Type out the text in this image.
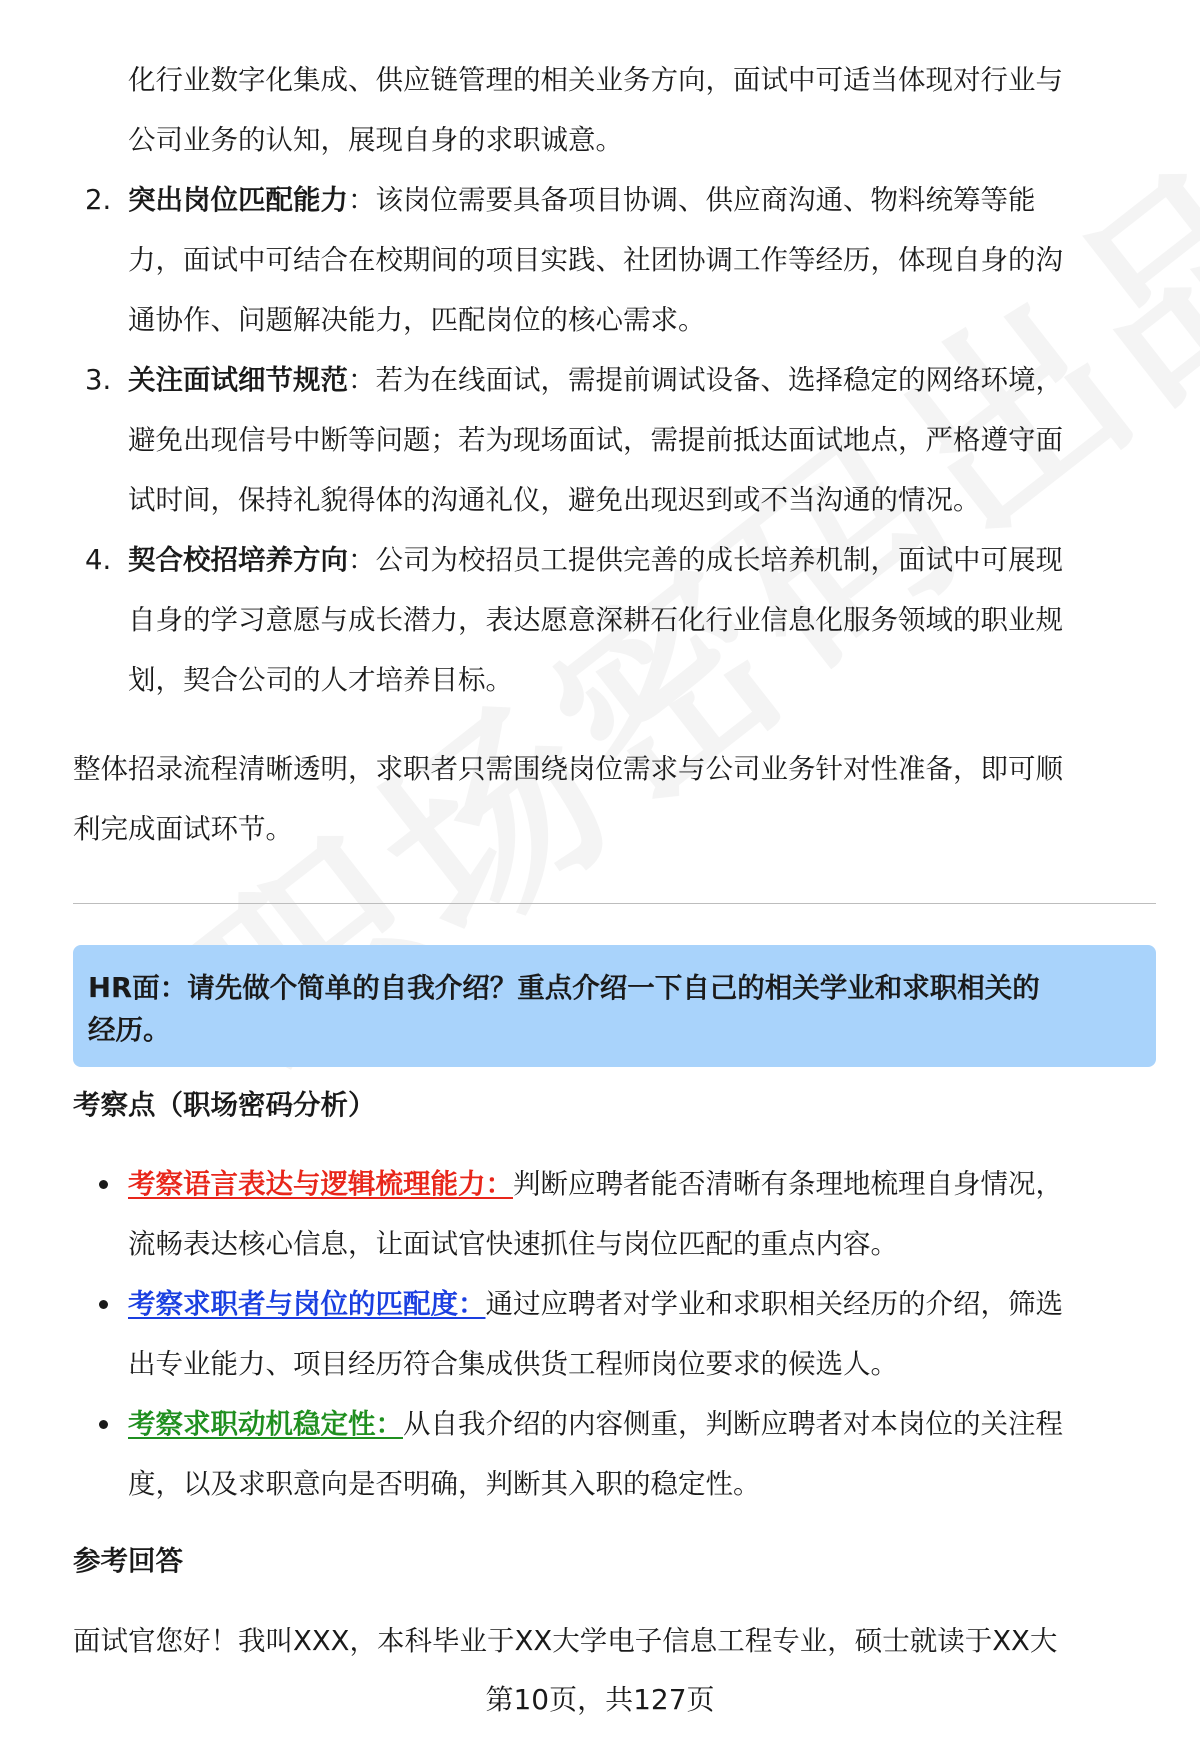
化行业数字化集成、供应链管理的相关业务方向，面试中可适当体现对行业与
公司业务的认知，展现自身的求职诚意。
2. 突出岗位匹配能力：该岗位需要具备项目协调、供应商沟通、物料统筹等能
力，面试中可结合在校期间的项目实践、社团协调工作等经历，体现自身的沟
通协作、问题解决能力，匹配岗位的核心需求。
3. 关注面试细节规范：若为在线面试，需提前调试设备、选择稳定的网络环境，
避免出现信号中断等问题；若为现场面试，需提前抵达面试地点，严格遵守面
试时间，保持礼貌得体的沟通礼仪，避免出现迟到或不当沟通的情况。
4. 契合校招培养方向：公司为校招员工提供完善的成长培养机制，面试中可展现
自身的学习意愿与成长潜力，表达愿意深耕石化行业信息化服务领域的职业规
划，契合公司的人才培养目标。
整体招录流程清晰透明，求职者只需围绕岗位需求与公司业务针对性准备，即可顺
利完成面试环节。
HR面：请先做个简单的自我介绍？重点介绍一下自己的相关学业和求职相关的
经历。
考察点（职场密码分析）
考察语言表达与逻辑梳理能力：判断应聘者能否清晰有条理地梳理自身情况，
流畅表达核心信息，让面试官快速抓住与岗位匹配的重点内容。
考察求职者与岗位的匹配度：通过应聘者对学业和求职相关经历的介绍，筛选
出专业能力、项目经历符合集成供货工程师岗位要求的候选人。
考察求职动机稳定性：从自我介绍的内容侧重，判断应聘者对本岗位的关注程
度，以及求职意向是否明确，判断其入职的稳定性。
参考回答
面试官您好！我叫XXX，本科毕业于XX大学电子信息工程专业，硕士就读于XX大
第10页，共127页
